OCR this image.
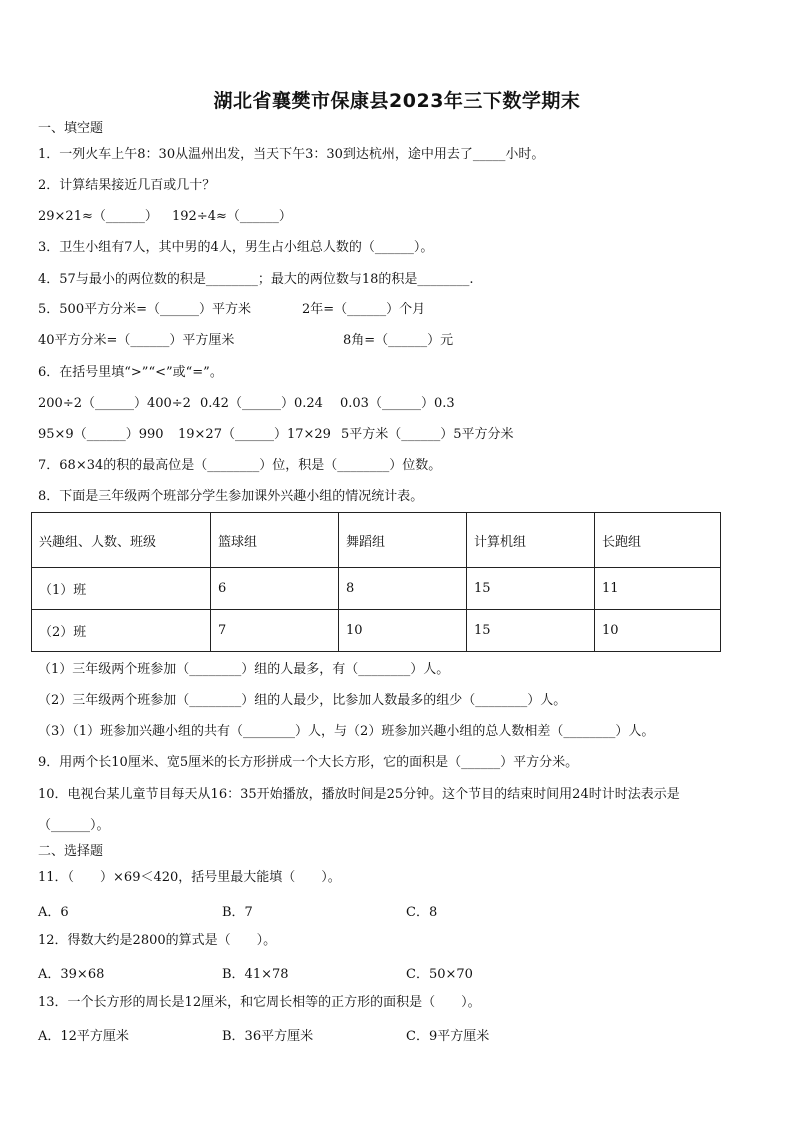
湖北省襄樊市保康县2023年三下数学期末
一、填空题
1．一列火车上午8：30从温州出发，当天下午3：30到达杭州，途中用去了_____小时。
2．计算结果接近几百或几十？
29×21≈（______） 192÷4≈（______）
3．卫生小组有7人，其中男的4人，男生占小组总人数的（______）。
4．57与最小的两位数的积是________；最大的两位数与18的积是________.
5．500平方分米=（______）平方米	2年=（______）个月
40平方分米=（______）平方厘米	8角=（______）元
6．在括号里填“>”“<”或“=”。
200÷2（______）400÷2 0.42（______）0.24 0.03（______）0.3
95×9（______）990 19×27（______）17×29 5平方米（______）5平方分米
7．68×34的积的最高位是（________）位，积是（________）位数。
8．下面是三年级两个班部分学生参加课外兴趣小组的情况统计表。
兴趣组、人数、班级	篮球组	舞蹈组	计算机组	长跑组
（1）班	6	8	15	11
（2）班	7	10	15	10
（1）三年级两个班参加（________）组的人最多，有（________）人。
（2）三年级两个班参加（________）组的人最少，比参加人数最多的组少（________）人。
（3）（1）班参加兴趣小组的共有（________）人，与（2）班参加兴趣小组的总人数相差（________）人。
9．用两个长10厘米、宽5厘米的长方形拼成一个大长方形，它的面积是（______）平方分米。
10．电视台某儿童节目每天从16：35开始播放，播放时间是25分钟。这个节目的结束时间用24时计时法表示是
（______）。
二、选择题
11．（　　）×69＜420，括号里最大能填（　　）。
A．6	B．7	C．8
12．得数大约是2800的算式是（　　）。
A．39×68	B．41×78	C．50×70
13．一个长方形的周长是12厘米，和它周长相等的正方形的面积是（　　）。
A．12平方厘米	B．36平方厘米	C．9平方厘米
